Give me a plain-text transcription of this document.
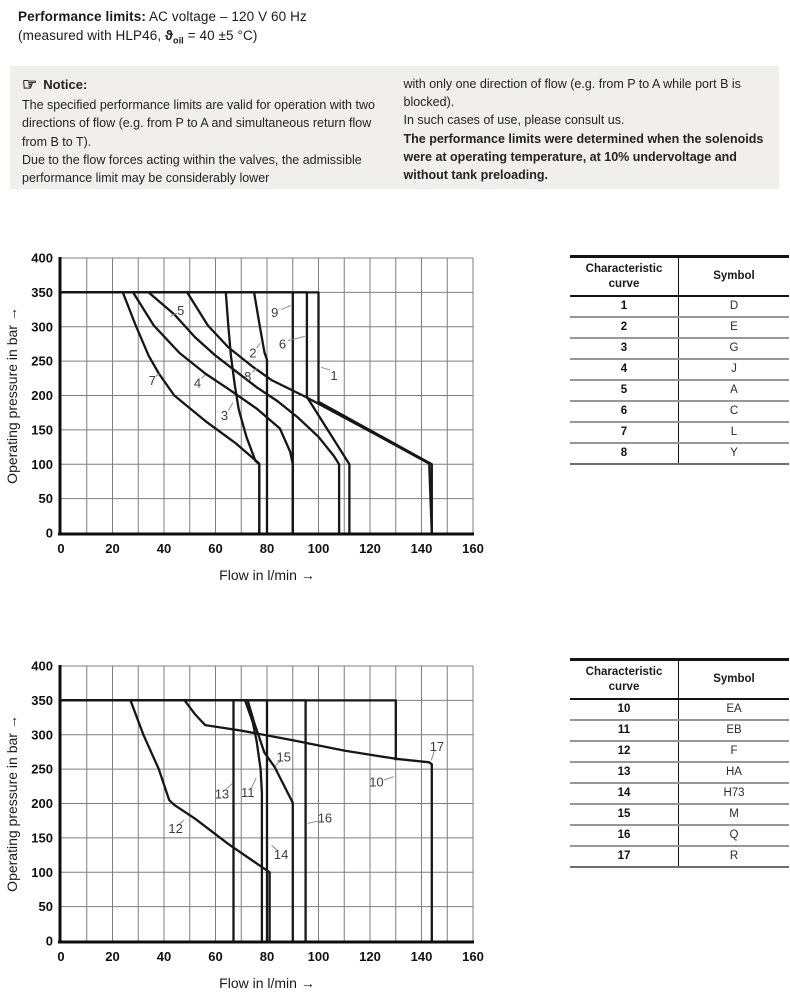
Performance limits: AC voltage – 120 V 60 Hz
(measured with HLP46, $ϑ_{oil} = 40 \pm 5$ °C)
☞ Notice:

The specified performance limits are valid for operation with two directions of flow (e.g. from P to A and simultaneous return flow from B to T).

Due to the flow forces acting within the valves, the admissible performance limit may be considerably lower

with only one direction of flow (e.g. from P to A while port B is blocked).

In such cases of use, please consult us.

The performance limits were determined when the solenoids were at operating temperature, at 10% undervoltage and without tank preloading.

5	9
2
6
8	1
7	4
3
0	20	40	60	80	100 120 140 160
0
50
100
150
200
250
300
350
400
Flow in l/min →
Operating pressure in bar →
13 11
15
12
16
14
10
17
0	20	40	60	80	100 120 140 160
0
50
100
150
200
250
300
350
400
Flow in l/min →
Operating pressure in bar →
Characteristic curve	Symbol
1	D
2	E
3	G
4	J
5	A
6	C
7	L
8	Y
Characteristic curve	Symbol
10	EA
11	EB
12	F
13	HA
14	H73
15	M
16	Q
17	R
